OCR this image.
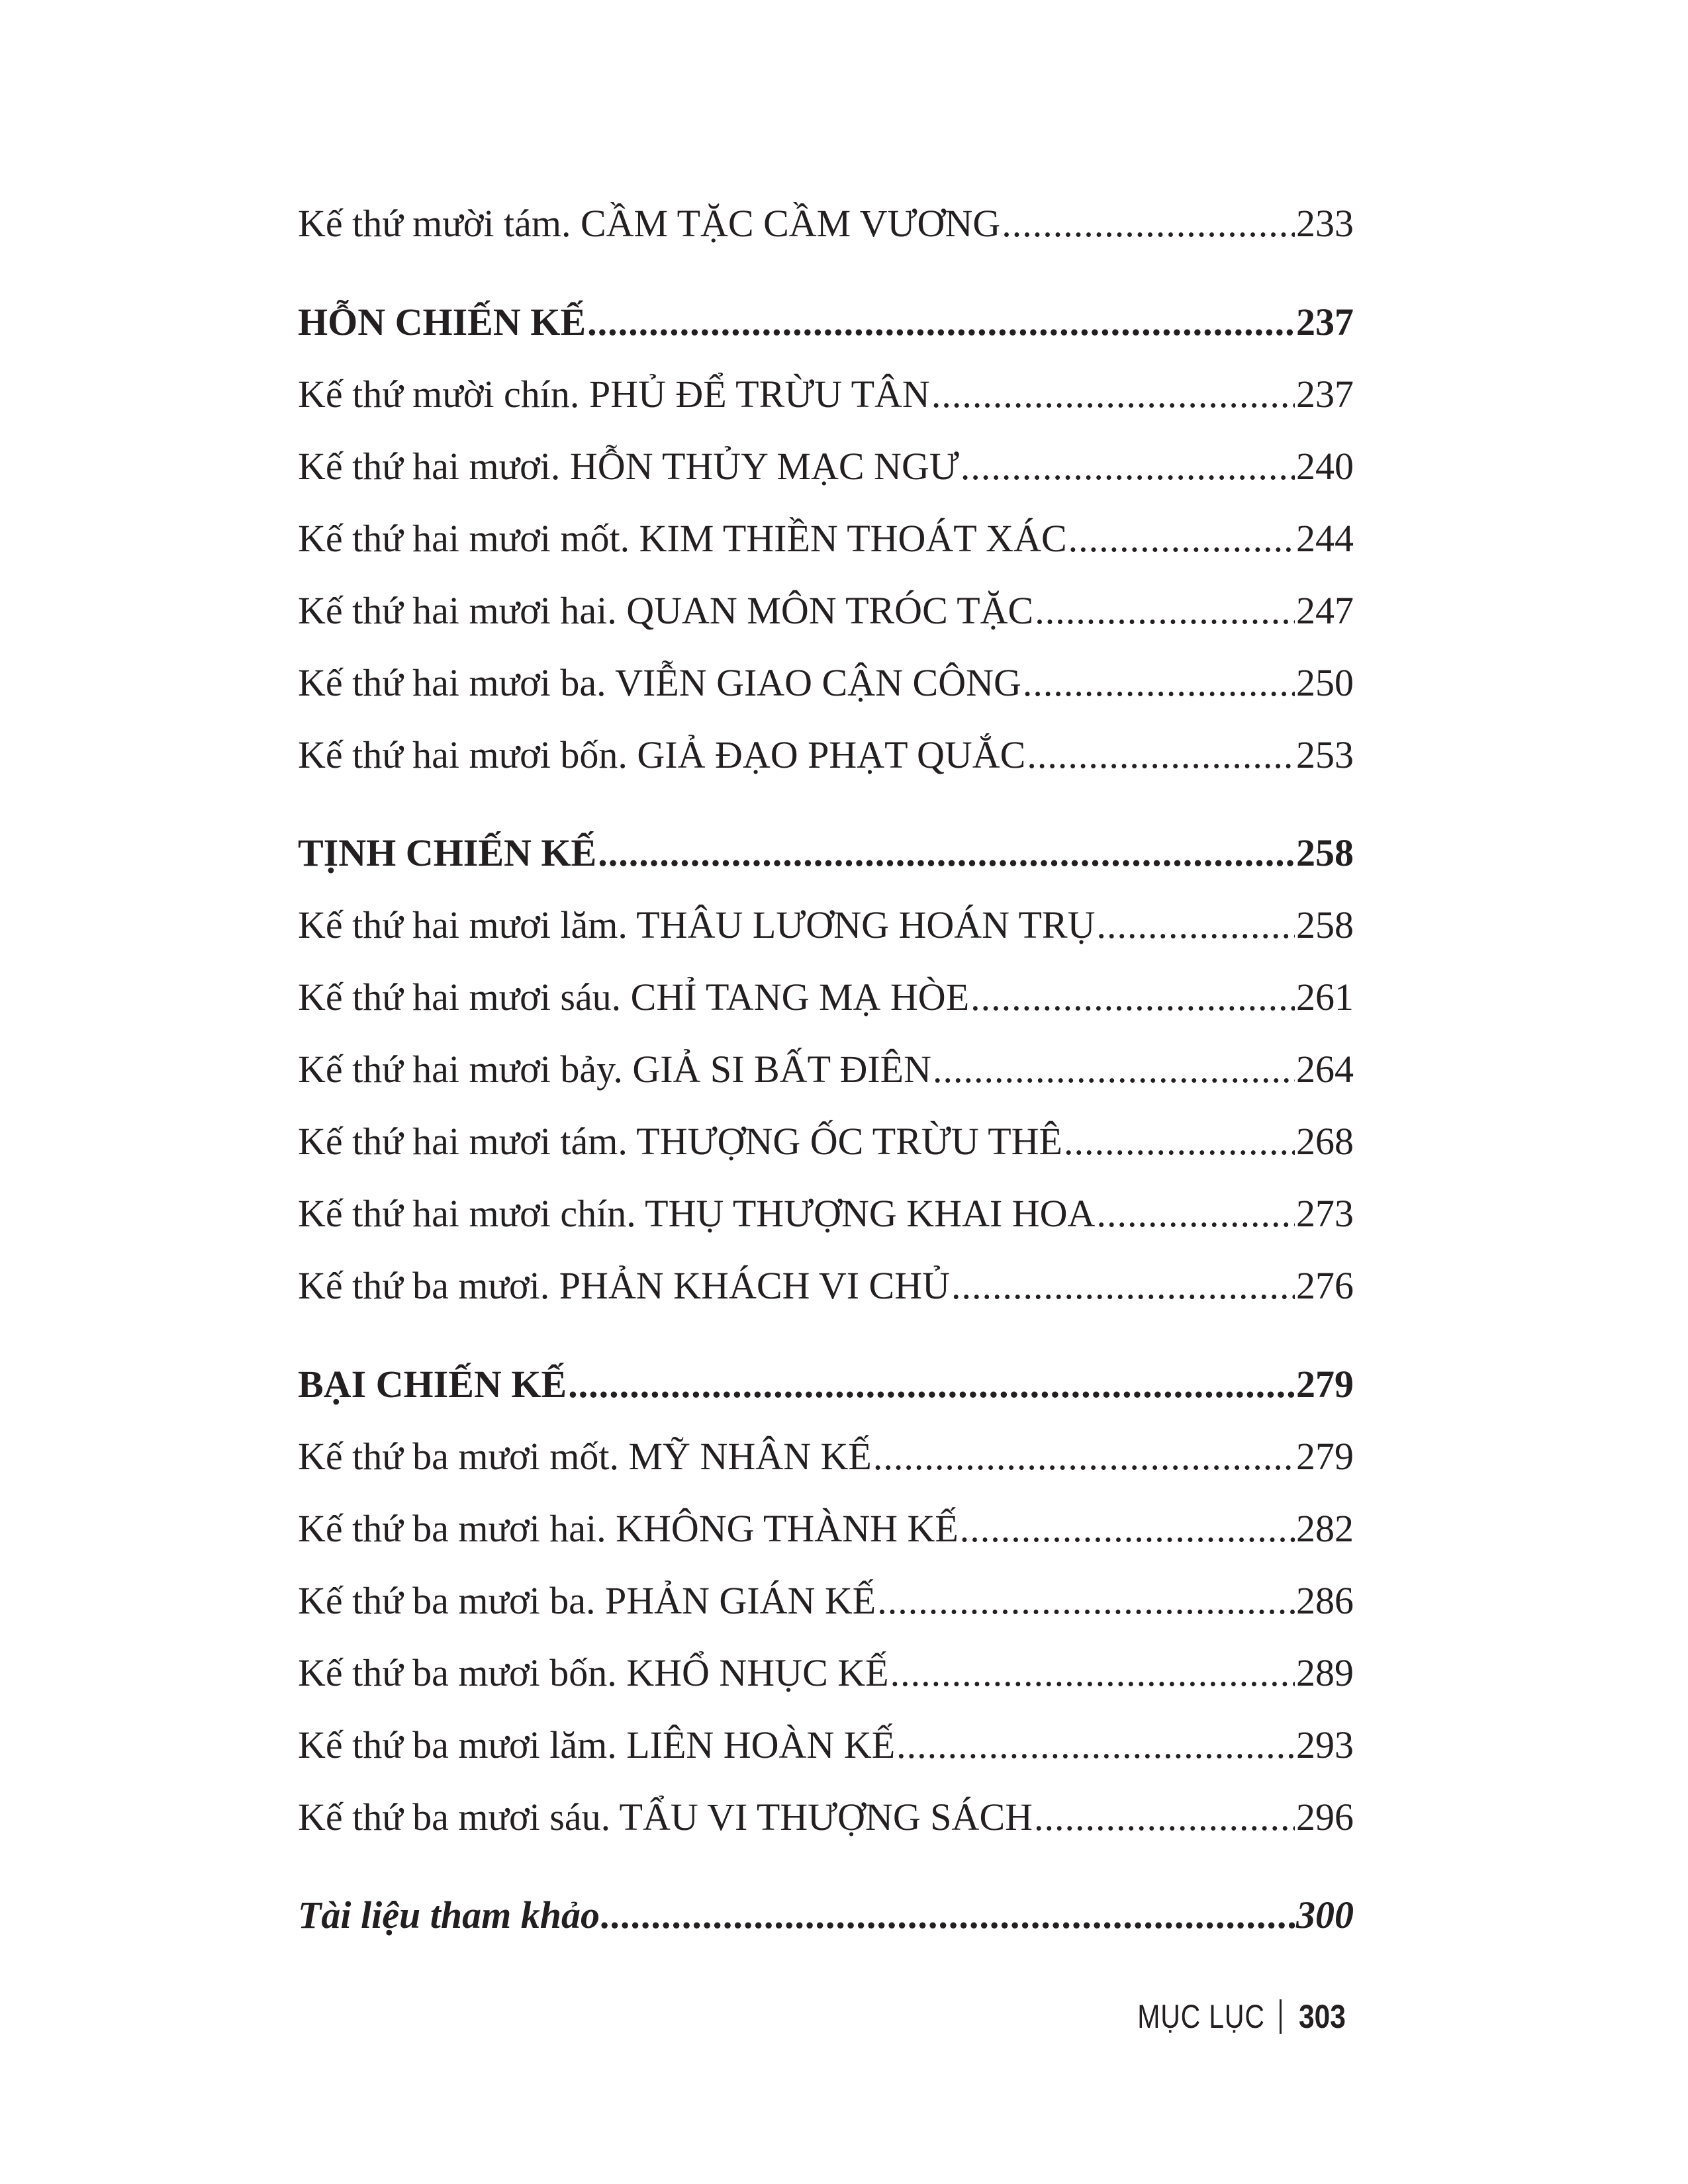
Kế thứ mười tám. CẦM TẶC CẦM VƯƠNG .....	233
HỖN CHIẾN KẾ .....	237
Kế thứ mười chín. PHỦ ĐỂ TRỪU TÂN .....	237
Kế thứ hai mươi. HỖN THỦY MẠC NGƯ .....	240
Kế thứ hai mươi mốt. KIM THIỀN THOÁT XÁC .....	244
Kế thứ hai mươi hai. QUAN MÔN TRÓC TẶC .....	247
Kế thứ hai mươi ba. VIỄN GIAO CẬN CÔNG .....	250
Kế thứ hai mươi bốn. GIẢ ĐẠO PHẠT QUẮC .....	253
TỊNH CHIẾN KẾ .....	258
Kế thứ hai mươi lăm. THÂU LƯƠNG HOÁN TRỤ .....	258
Kế thứ hai mươi sáu. CHỈ TANG MẠ HÒE .....	261
Kế thứ hai mươi bảy. GIẢ SI BẤT ĐIÊN .....	264
Kế thứ hai mươi tám. THƯỢNG ỐC TRỪU THÊ .....	268
Kế thứ hai mươi chín. THỤ THƯỢNG KHAI HOA .....	273
Kế thứ ba mươi. PHẢN KHÁCH VI CHỦ .....	276
BẠI CHIẾN KẾ .....	279
Kế thứ ba mươi mốt. MỸ NHÂN KẾ .....	279
Kế thứ ba mươi hai. KHÔNG THÀNH KẾ .....	282
Kế thứ ba mươi ba. PHẢN GIÁN KẾ .....	286
Kế thứ ba mươi bốn. KHỔ NHỤC KẾ .....	289
Kế thứ ba mươi lăm. LIÊN HOÀN KẾ .....	293
Kế thứ ba mươi sáu. TẨU VI THƯỢNG SÁCH .....	296
Tài liệu tham khảo .....	300
MỤC LỤC 303
